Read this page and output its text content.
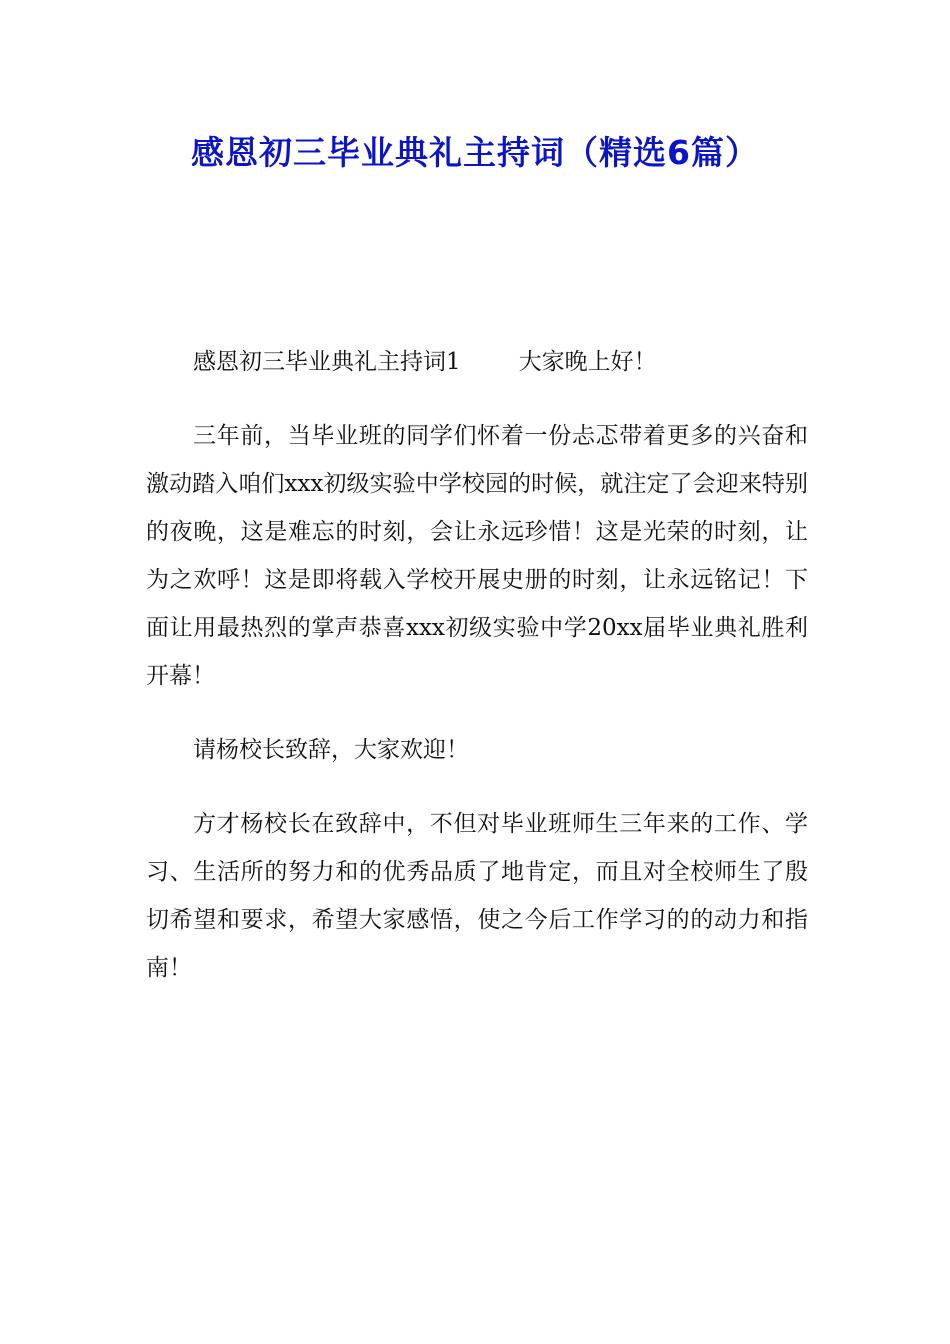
感恩初三毕业典礼主持词（精选6篇）

感恩初三毕业典礼主持词1	大家晚上好！

三年前，当毕业班的同学们怀着一份忐忑带着更多的兴奋和激动踏入咱们xxx初级实验中学校园的时候，就注定了会迎来特别的夜晚，这是难忘的时刻，会让永远珍惜！这是光荣的时刻，让为之欢呼！这是即将载入学校开展史册的时刻，让永远铭记！下面让用最热烈的掌声恭喜xxx初级实验中学20xx届毕业典礼胜利开幕！

请杨校长致辞，大家欢迎！

方才杨校长在致辞中，不但对毕业班师生三年来的工作、学习、生活所的努力和的优秀品质了地肯定，而且对全校师生了殷切希望和要求，希望大家感悟，使之今后工作学习的的动力和指南！
